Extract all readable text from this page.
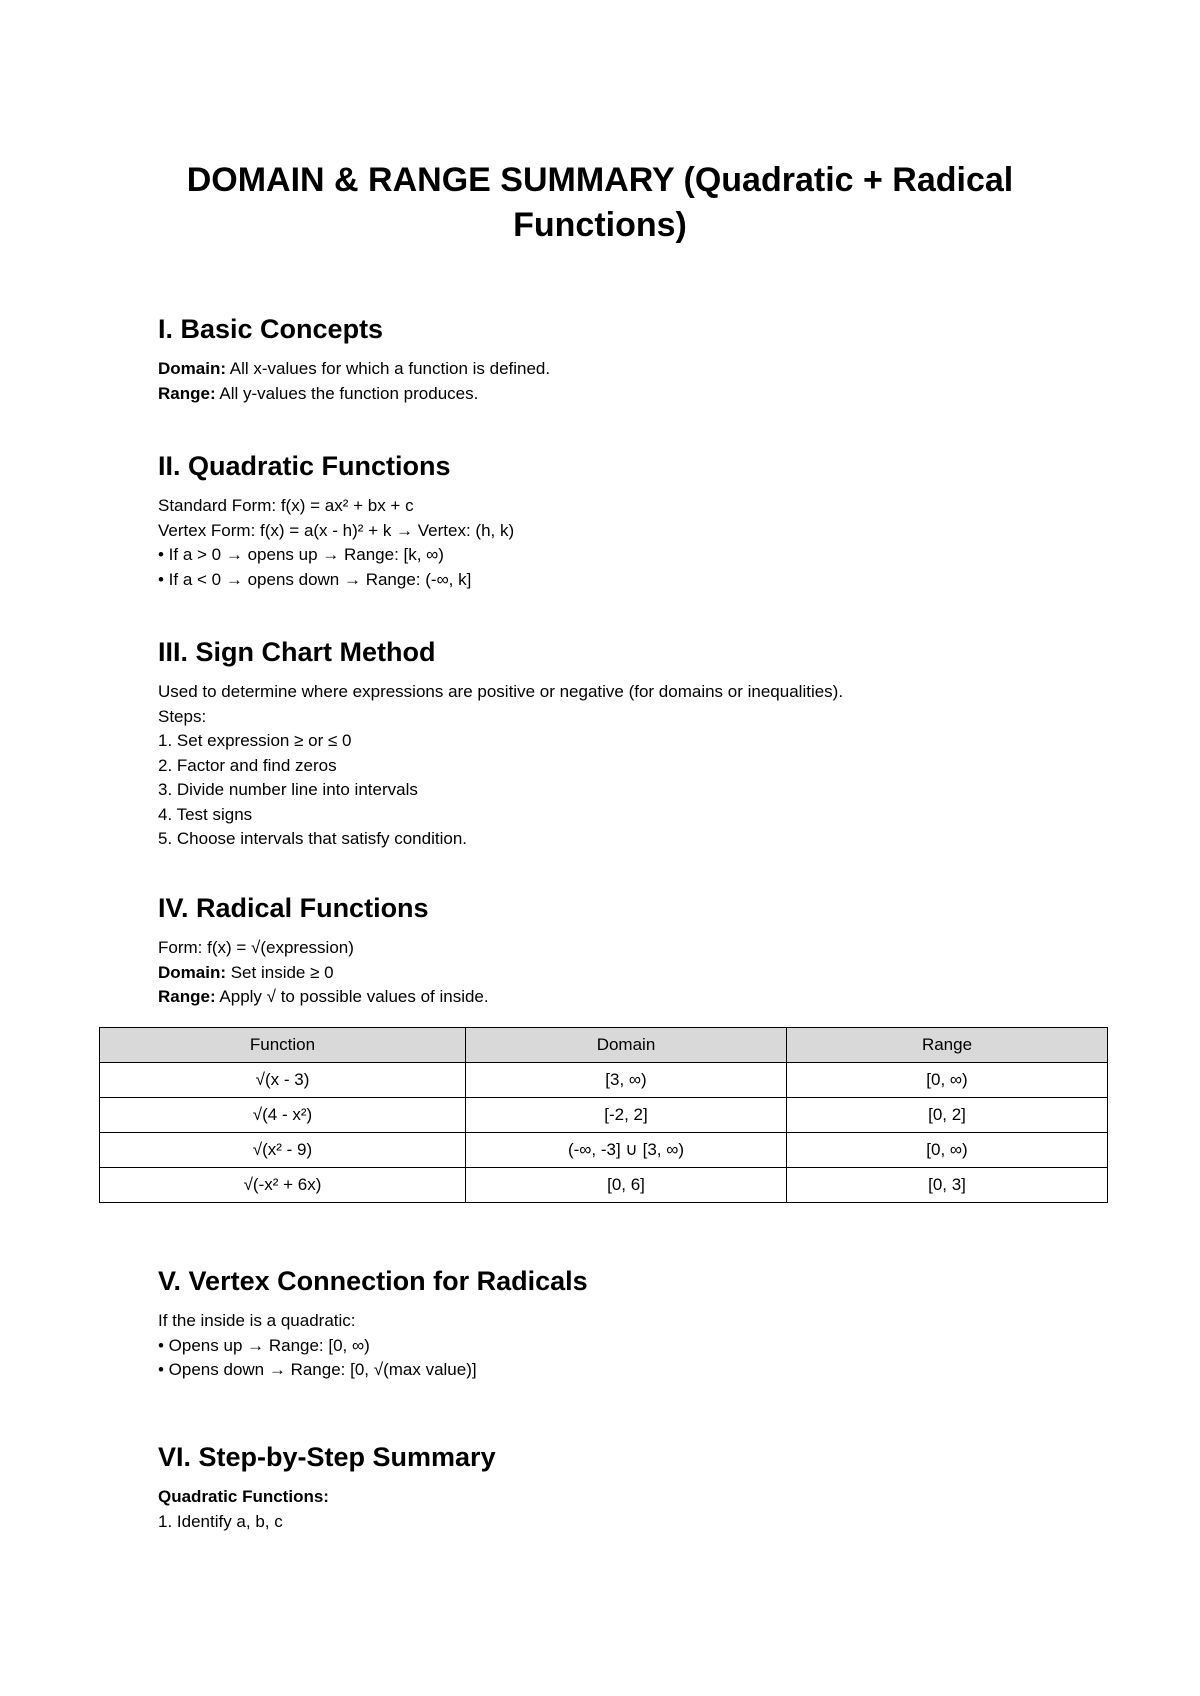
DOMAIN & RANGE SUMMARY (Quadratic + Radical Functions)
I. Basic Concepts
Domain: All x-values for which a function is defined.
Range: All y-values the function produces.
II. Quadratic Functions
Standard Form: f(x) = ax² + bx + c
Vertex Form: f(x) = a(x - h)² + k → Vertex: (h, k)
• If a > 0 → opens up → Range: [k, ∞)
• If a < 0 → opens down → Range: (-∞, k]
III. Sign Chart Method
Used to determine where expressions are positive or negative (for domains or inequalities).
Steps:
1. Set expression ≥ or ≤ 0
2. Factor and find zeros
3. Divide number line into intervals
4. Test signs
5. Choose intervals that satisfy condition.
IV. Radical Functions
Form: f(x) = √(expression)
Domain: Set inside ≥ 0
Range: Apply √ to possible values of inside.
Function	Domain	Range
√(x - 3)	[3, ∞)	[0, ∞)
√(4 - x²)	[-2, 2]	[0, 2]
√(x² - 9)	(-∞, -3] ∪ [3, ∞)	[0, ∞)
√(-x² + 6x)	[0, 6]	[0, 3]
V. Vertex Connection for Radicals
If the inside is a quadratic:
• Opens up → Range: [0, ∞)
• Opens down → Range: [0, √(max value)]
VI. Step-by-Step Summary
Quadratic Functions:
1. Identify a, b, c
